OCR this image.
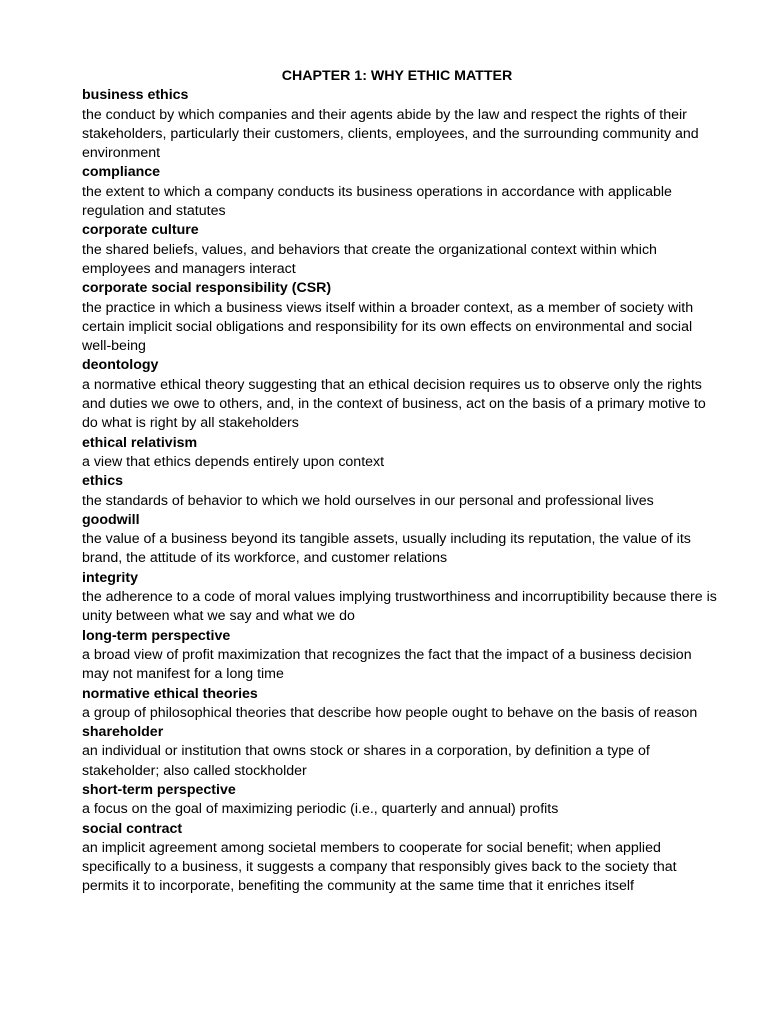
CHAPTER 1: WHY ETHIC MATTER
business ethics
the conduct by which companies and their agents abide by the law and respect the rights of their stakeholders, particularly their customers, clients, employees, and the surrounding community and environment
compliance
the extent to which a company conducts its business operations in accordance with applicable regulation and statutes
corporate culture
the shared beliefs, values, and behaviors that create the organizational context within which employees and managers interact
corporate social responsibility (CSR)
the practice in which a business views itself within a broader context, as a member of society with certain implicit social obligations and responsibility for its own effects on environmental and social well-being
deontology
a normative ethical theory suggesting that an ethical decision requires us to observe only the rights and duties we owe to others, and, in the context of business, act on the basis of a primary motive to do what is right by all stakeholders
ethical relativism
a view that ethics depends entirely upon context
ethics
the standards of behavior to which we hold ourselves in our personal and professional lives
goodwill
the value of a business beyond its tangible assets, usually including its reputation, the value of its brand, the attitude of its workforce, and customer relations
integrity
the adherence to a code of moral values implying trustworthiness and incorruptibility because there is unity between what we say and what we do
long-term perspective
a broad view of profit maximization that recognizes the fact that the impact of a business decision may not manifest for a long time
normative ethical theories
a group of philosophical theories that describe how people ought to behave on the basis of reason
shareholder
an individual or institution that owns stock or shares in a corporation, by definition a type of stakeholder; also called stockholder
short-term perspective
a focus on the goal of maximizing periodic (i.e., quarterly and annual) profits
social contract
an implicit agreement among societal members to cooperate for social benefit; when applied specifically to a business, it suggests a company that responsibly gives back to the society that permits it to incorporate, benefiting the community at the same time that it enriches itself
